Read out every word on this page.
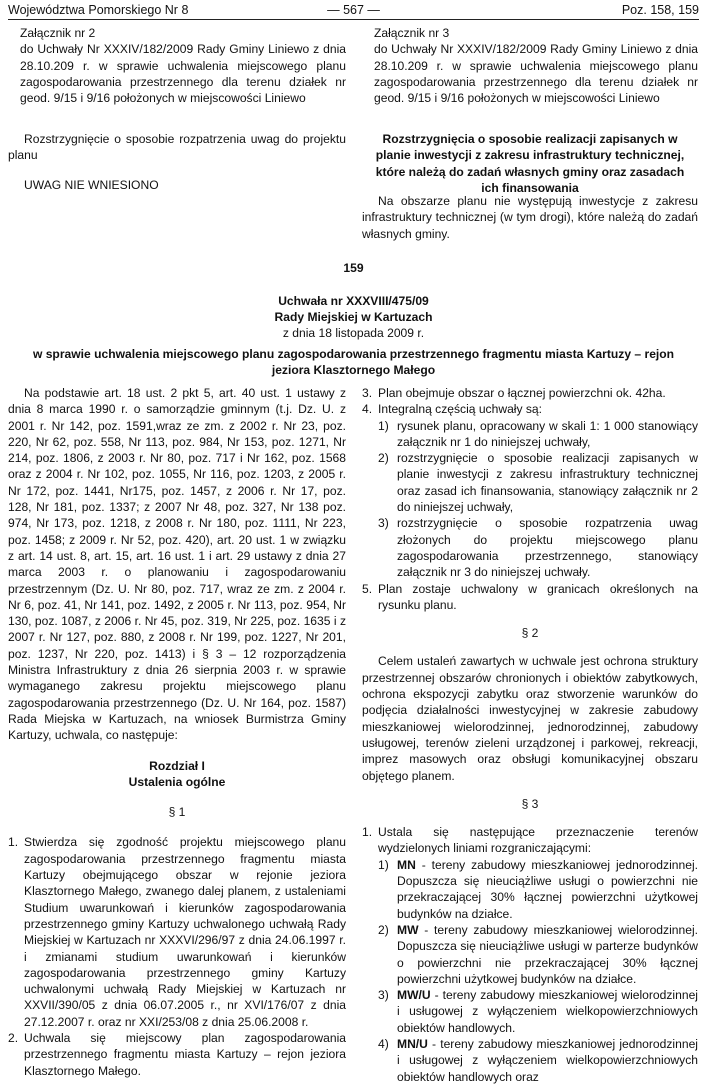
Województwa Pomorskiego Nr 8	— 567 —	Poz. 158, 159
Załącznik nr 2
do Uchwały Nr XXXIV/182/2009 Rady Gminy Liniewo z dnia 28.10.209 r. w sprawie uchwalenia miejscowego planu zagospodarowania przestrzennego dla terenu działek nr geod. 9/15 i 9/16 położonych w miejscowości Liniewo
Rozstrzygnięcie o sposobie rozpatrzenia uwag do projektu planu
UWAG NIE WNIESIONO
Załącznik nr 3
do Uchwały Nr XXXIV/182/2009 Rady Gminy Liniewo z dnia 28.10.209 r. w sprawie uchwalenia miejscowego planu zagospodarowania przestrzennego dla terenu działek nr geod. 9/15 i 9/16 położonych w miejscowości Liniewo
Rozstrzygnięcia o sposobie realizacji zapisanych w planie inwestycji z zakresu infrastruktury technicznej, które należą do zadań własnych gminy oraz zasadach ich finansowania
Na obszarze planu nie występują inwestycje z zakresu infrastruktury technicznej (w tym drogi), które należą do zadań własnych gminy.
159
Uchwała nr XXXVIII/475/09
Rady Miejskiej w Kartuzach
z dnia 18 listopada 2009 r.
w sprawie uchwalenia miejscowego planu zagospodarowania przestrzennego fragmentu miasta Kartuzy – rejon jeziora Klasztornego Małego

Na podstawie art. 18 ust. 2 pkt 5, art. 40 ust. 1 ustawy z dnia 8 marca 1990 r. o samorządzie gminnym (t.j. Dz. U. z 2001 r. Nr 142, poz. 1591,wraz ze zm. z 2002 r. Nr 23, poz. 220, Nr 62, poz. 558, Nr 113, poz. 984, Nr 153, poz. 1271, Nr 214, poz. 1806, z 2003 r. Nr 80, poz. 717 i Nr 162, poz. 1568 oraz z 2004 r. Nr 102, poz. 1055, Nr 116, poz. 1203, z 2005 r. Nr 172, poz. 1441, Nr175, poz. 1457, z 2006 r. Nr 17, poz. 128, Nr 181, poz. 1337; z 2007 Nr 48, poz. 327, Nr 138 poz. 974, Nr 173, poz. 1218, z 2008 r. Nr 180, poz. 1111, Nr 223, poz. 1458; z 2009 r. Nr 52, poz. 420), art. 20 ust. 1 w związku z art. 14 ust. 8, art. 15, art. 16 ust. 1 i art. 29 ustawy z dnia 27 marca 2003 r. o planowaniu i zagospodarowaniu przestrzennym (Dz. U. Nr 80, poz. 717, wraz ze zm. z 2004 r. Nr 6, poz. 41, Nr 141, poz. 1492, z 2005 r. Nr 113, poz. 954, Nr 130, poz. 1087, z 2006 r. Nr 45, poz. 319, Nr 225, poz. 1635 i z 2007 r. Nr 127, poz. 880, z 2008 r. Nr 199, poz. 1227, Nr 201, poz. 1237, Nr 220, poz. 1413) i § 3 – 12 rozporządzenia Ministra Infrastruktury z dnia 26 sierpnia 2003 r. w sprawie wymaganego zakresu projektu miejscowego planu zagospodarowania przestrzennego (Dz. U. Nr 164, poz. 1587) Rada Miejska w Kartuzach, na wniosek Burmistrza Gminy Kartuzy, uchwala, co następuje:

Rozdział I
Ustalenia ogólne
§ 1
1. Stwierdza się zgodność projektu miejscowego planu zagospodarowania przestrzennego fragmentu miasta Kartuzy obejmującego obszar w rejonie jeziora Klasztornego Małego, zwanego dalej planem, z ustaleniami Studium uwarunkowań i kierunków zagospodarowania przestrzennego gminy Kartuzy uchwalonego uchwałą Rady Miejskiej w Kartuzach nr XXXVI/296/97 z dnia 24.06.1997 r. i zmianami studium uwarunkowań i kierunków zagospodarowania przestrzennego gminy Kartuzy uchwalonymi uchwałą Rady Miejskiej w Kartuzach nr XXVII/390/05 z dnia 06.07.2005 r., nr XVI/176/07 z dnia 27.12.2007 r. oraz nr XXI/253/08 z dnia 25.06.2008 r.
2. Uchwala się miejscowy plan zagospodarowania przestrzennego fragmentu miasta Kartuzy – rejon jeziora Klasztornego Małego.
3. Plan obejmuje obszar o łącznej powierzchni ok. 42ha.
4. Integralną częścią uchwały są:
1) rysunek planu, opracowany w skali 1: 1 000 stanowiący załącznik nr 1 do niniejszej uchwały,
2) rozstrzygnięcie o sposobie realizacji zapisanych w planie inwestycji z zakresu infrastruktury technicznej oraz zasad ich finansowania, stanowiący załącznik nr 2 do niniejszej uchwały,
3) rozstrzygnięcie o sposobie rozpatrzenia uwag złożonych do projektu miejscowego planu zagospodarowania przestrzennego, stanowiący załącznik nr 3 do niniejszej uchwały.
5. Plan zostaje uchwalony w granicach określonych na rysunku planu.
§ 2

Celem ustaleń zawartych w uchwale jest ochrona struktury przestrzennej obszarów chronionych i obiektów zabytkowych, ochrona ekspozycji zabytku oraz stworzenie warunków do podjęcia działalności inwestycyjnej w zakresie zabudowy mieszkaniowej wielorodzinnej, jednorodzinnej, zabudowy usługowej, terenów zieleni urządzonej i parkowej, rekreacji, imprez masowych oraz obsługi komunikacyjnej obszaru objętego planem.

§ 3
1. Ustala się następujące przeznaczenie terenów wydzielonych liniami rozgraniczającymi:
1) MN - tereny zabudowy mieszkaniowej jednorodzinnej. Dopuszcza się nieuciążliwe usługi o powierzchni nie przekraczającej 30% łącznej powierzchni użytkowej budynków na działce.
2) MW - tereny zabudowy mieszkaniowej wielorodzinnej. Dopuszcza się nieuciążliwe usługi w parterze budynków o powierzchni nie przekraczającej 30% łącznej powierzchni użytkowej budynków na działce.
3) MW/U - tereny zabudowy mieszkaniowej wielorodzinnej i usługowej z wyłączeniem wielkopowierzchniowych obiektów handlowych.
4) MN/U - tereny zabudowy mieszkaniowej jednorodzinnej i usługowej z wyłączeniem wielkopowierzchniowych obiektów handlowych oraz
